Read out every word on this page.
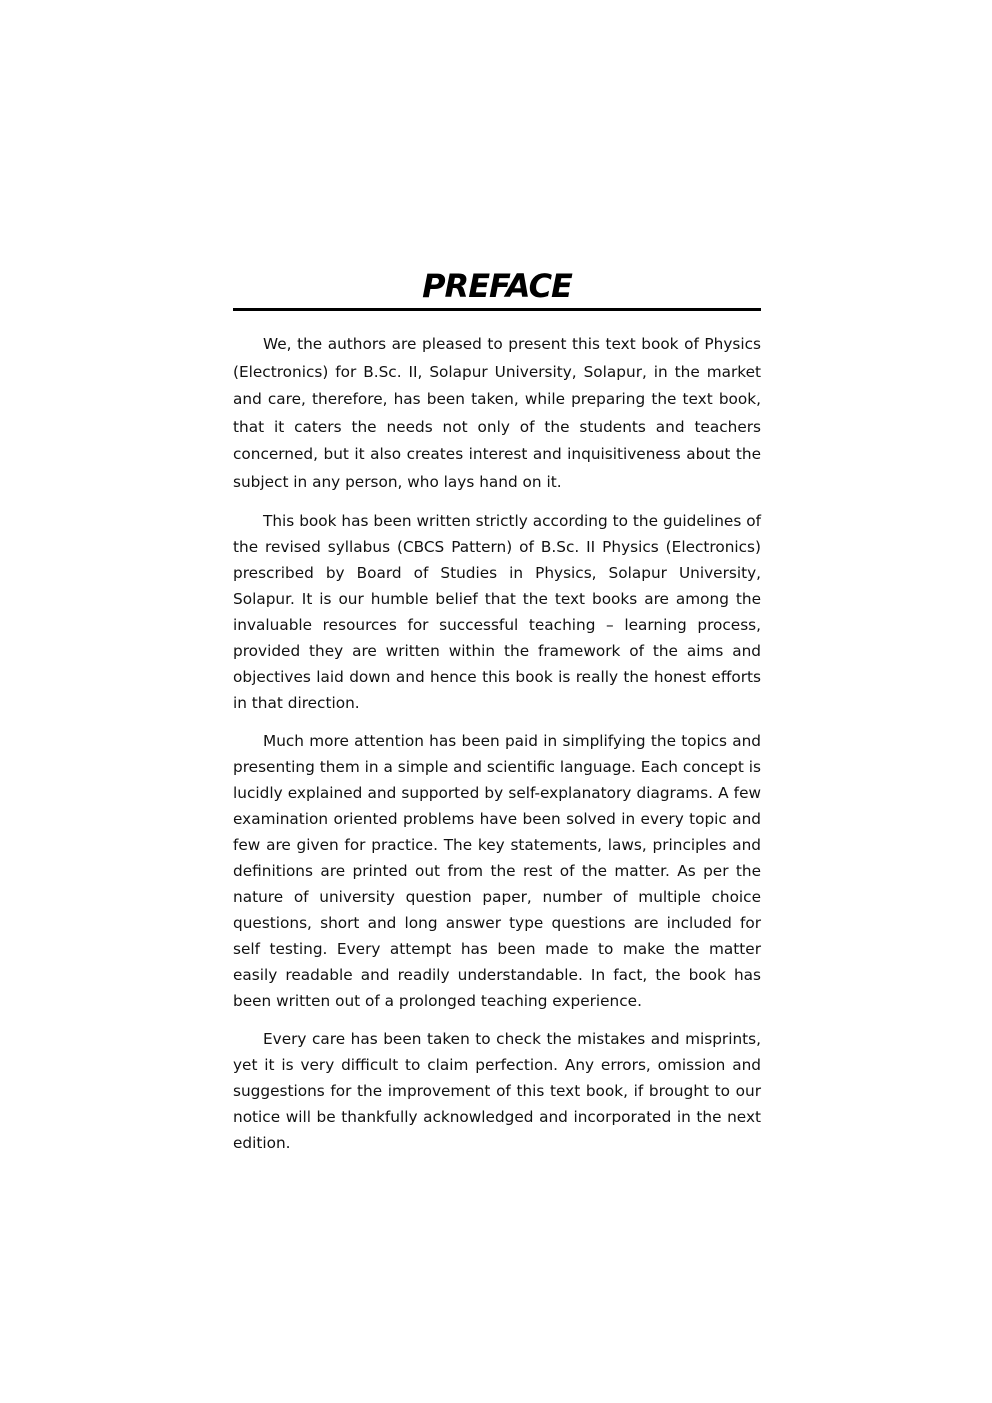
PREFACE

We, the authors are pleased to present this text book of Physics (Electronics) for B.Sc. II, Solapur University, Solapur, in the market and care, therefore, has been taken, while preparing the text book, that it caters the needs not only of the students and teachers concerned, but it also creates interest and inquisitiveness about the subject in any person, who lays hand on it.

This book has been written strictly according to the guidelines of the revised syllabus (CBCS Pattern) of B.Sc. II Physics (Electronics) prescribed by Board of Studies in Physics, Solapur University, Solapur. It is our humble belief that the text books are among the invaluable resources for successful teaching – learning process, provided they are written within the framework of the aims and objectives laid down and hence this book is really the honest efforts in that direction.

Much more attention has been paid in simplifying the topics and presenting them in a simple and scientific language. Each concept is lucidly explained and supported by self-explanatory diagrams. A few examination oriented problems have been solved in every topic and few are given for practice. The key statements, laws, principles and definitions are printed out from the rest of the matter. As per the nature of university question paper, number of multiple choice questions, short and long answer type questions are included for self testing. Every attempt has been made to make the matter easily readable and readily understandable. In fact, the book has been written out of a prolonged teaching experience.

Every care has been taken to check the mistakes and misprints, yet it is very difficult to claim perfection. Any errors, omission and suggestions for the improvement of this text book, if brought to our notice will be thankfully acknowledged and incorporated in the next edition.
